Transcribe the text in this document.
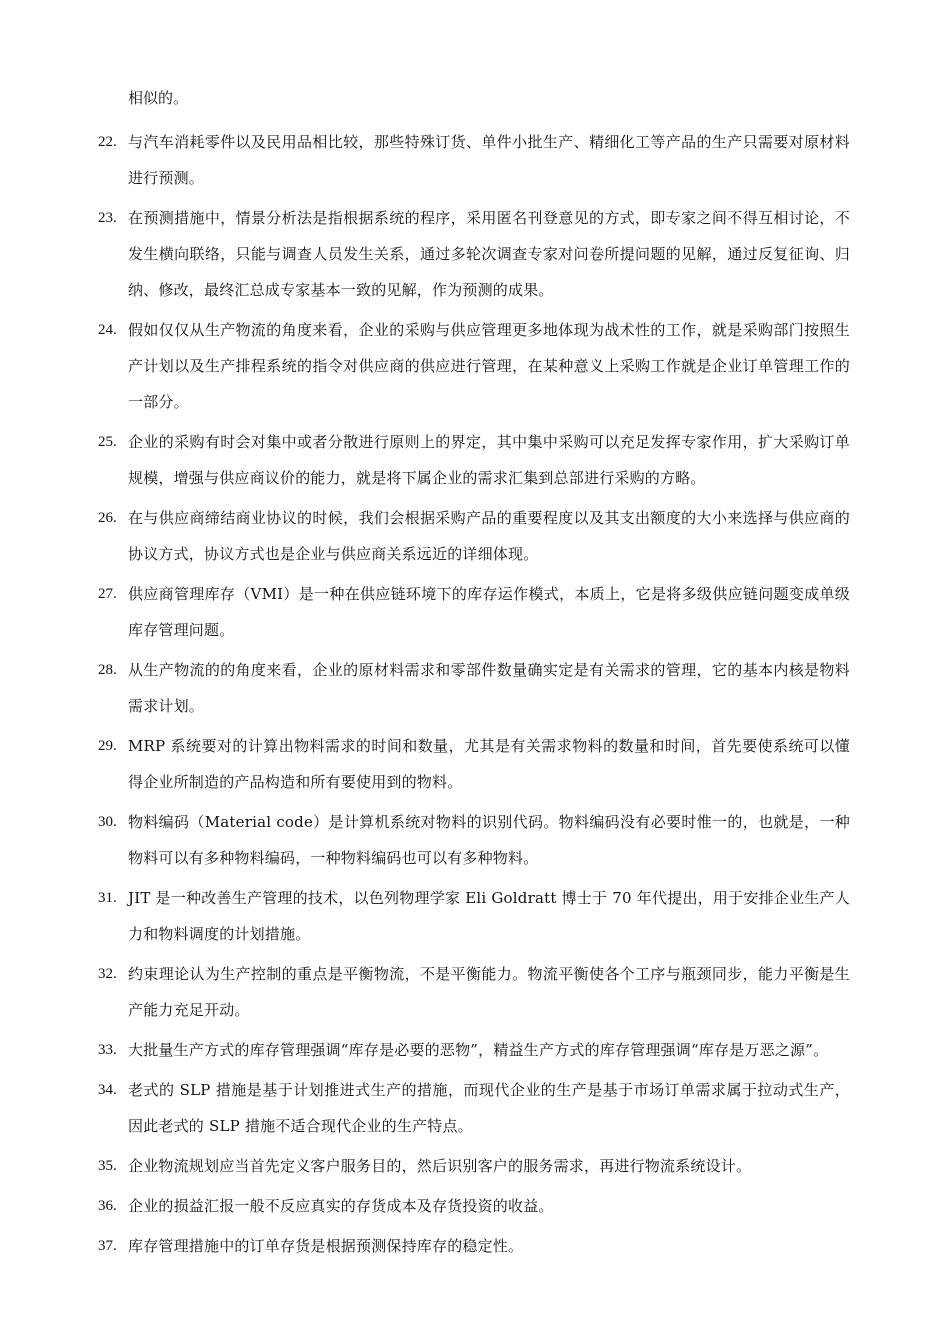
相似的。
22. 与汽车消耗零件以及民用品相比较，那些特殊订货、单件小批生产、精细化工等产品的生产只需要对原材料进行预测。
23. 在预测措施中，情景分析法是指根据系统的程序，采用匿名刊登意见的方式，即专家之间不得互相讨论，不发生横向联络，只能与调查人员发生关系，通过多轮次调查专家对问卷所提问题的见解，通过反复征询、归纳、修改，最终汇总成专家基本一致的见解，作为预测的成果。
24. 假如仅仅从生产物流的角度来看，企业的采购与供应管理更多地体现为战术性的工作，就是采购部门按照生产计划以及生产排程系统的指令对供应商的供应进行管理，在某种意义上采购工作就是企业订单管理工作的一部分。
25. 企业的采购有时会对集中或者分散进行原则上的界定，其中集中采购可以充足发挥专家作用，扩大采购订单规模，增强与供应商议价的能力，就是将下属企业的需求汇集到总部进行采购的方略。
26. 在与供应商缔结商业协议的时候，我们会根据采购产品的重要程度以及其支出额度的大小来选择与供应商的协议方式，协议方式也是企业与供应商关系远近的详细体现。
27. 供应商管理库存（VMI）是一种在供应链环境下的库存运作模式，本质上，它是将多级供应链问题变成单级库存管理问题。
28. 从生产物流的的角度来看，企业的原材料需求和零部件数量确实定是有关需求的管理，它的基本内核是物料需求计划。
29. MRP 系统要对的计算出物料需求的时间和数量，尤其是有关需求物料的数量和时间，首先要使系统可以懂得企业所制造的产品构造和所有要使用到的物料。
30. 物料编码（Material code）是计算机系统对物料的识别代码。物料编码没有必要时惟一的，也就是，一种物料可以有多种物料编码，一种物料编码也可以有多种物料。
31. JIT 是一种改善生产管理的技术，以色列物理学家 Eli Goldratt 博士于 70 年代提出，用于安排企业生产人力和物料调度的计划措施。
32. 约束理论认为生产控制的重点是平衡物流，不是平衡能力。物流平衡使各个工序与瓶颈同步，能力平衡是生产能力充足开动。
33. 大批量生产方式的库存管理强调“库存是必要的恶物”，精益生产方式的库存管理强调“库存是万恶之源”。
34. 老式的 SLP 措施是基于计划推进式生产的措施，而现代企业的生产是基于市场订单需求属于拉动式生产，因此老式的 SLP 措施不适合现代企业的生产特点。
35. 企业物流规划应当首先定义客户服务目的，然后识别客户的服务需求，再进行物流系统设计。
36. 企业的损益汇报一般不反应真实的存货成本及存货投资的收益。
37. 库存管理措施中的订单存货是根据预测保持库存的稳定性。
